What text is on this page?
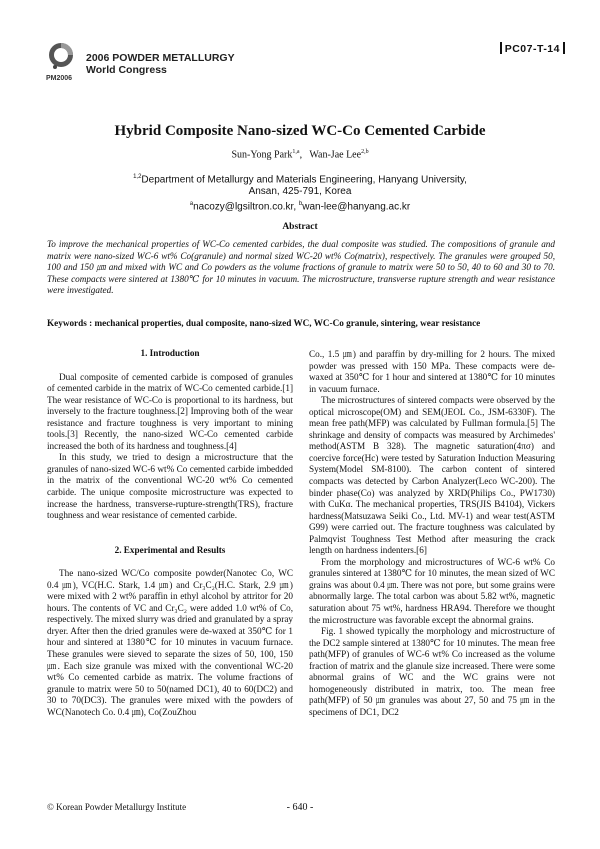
PM2006
2006 POWDER METALLURGY
World Congress
PC07-T-14
Hybrid Composite Nano-sized WC-Co Cemented Carbide
Sun-Yong Park$^{1,a}$,   Wan-Jae Lee$^{2,b}$
$^{1,2}$Department of Metallurgy and Materials Engineering, Hanyang University,
Ansan, 425-791, Korea
$^a$nacozy@lgsiltron.co.kr, $^b$wan-lee@hanyang.ac.kr
Abstract

To improve the mechanical properties of WC-Co cemented carbides, the dual composite was studied. The compositions of granule and matrix were nano-sized WC-6 wt% Co(granule) and normal sized WC-20 wt% Co(matrix), respectively. The granules were grouped 50, 100 and 150 ㎛ and mixed with WC and Co powders as the volume fractions of granule to matrix were 50 to 50, 40 to 60 and 30 to 70. These compacts were sintered at 1380℃ for 10 minutes in vacuum. The microstructure, transverse rupture strength and wear resistance were investigated.

Keywords : mechanical properties, dual composite, nano-sized WC, WC-Co granule, sintering, wear resistance

1. Introduction

Dual composite of cemented carbide is composed of granules of cemented carbide in the matrix of WC-Co cemented carbide.[1] The wear resistance of WC-Co is proportional to its hardness, but inversely to the fracture toughness.[2] Improving both of the wear resistance and fracture toughness is very important to mining tools.[3] Recently, the nano-sized WC-Co cemented carbide increased the both of its hardness and toughness.[4]

In this study, we tried to design a microstructure that the granules of nano-sized WC-6 wt% Co cemented carbide imbedded in the matrix of the conventional WC-20 wt% Co cemented carbide. The unique composite microstructure was expected to increase the hardness, transverse-rupture-strength(TRS), fracture toughness and wear resistance of cemented carbide.

2. Experimental and Results

The nano-sized WC/Co composite powder(Nanotec Co, WC 0.4 ㎛), VC(H.C. Stark, 1.4 ㎛) and Cr₃C₂(H.C. Stark, 2.9 ㎛) were mixed with 2 wt% paraffin in ethyl alcohol by attritor for 20 hours. The contents of VC and Cr₃C₂ were added 1.0 wt% of Co, respectively. The mixed slurry was dried and granulated by a spray dryer. After then the dried granules were de-waxed at 350℃ for 1 hour and sintered at 1380℃ for 10 minutes in vacuum furnace. These granules were sieved to separate the sizes of 50, 100, 150 ㎛. Each size granule was mixed with the conventional WC-20 wt% Co cemented carbide as matrix. The volume fractions of granule to matrix were 50 to 50(named DC1), 40 to 60(DC2) and 30 to 70(DC3). The granules were mixed with the powders of WC(Nanotech Co. 0.4 ㎛), Co(ZouZhou

Co., 1.5 ㎛) and paraffin by dry-milling for 2 hours. The mixed powder was pressed with 150 MPa. These compacts were de-waxed at 350℃ for 1 hour and sintered at 1380℃ for 10 minutes in vacuum furnace.

The microstructures of sintered compacts were observed by the optical microscope(OM) and SEM(JEOL Co., JSM-6330F). The mean free path(MFP) was calculated by Fullman formula.[5] The shrinkage and density of compacts was measured by Archimedes' method(ASTM B 328). The magnetic saturation(4πσ) and coercive force(Hc) were tested by Saturation Induction Measuring System(Model SM-8100). The carbon content of sintered compacts was detected by Carbon Analyzer(Leco WC-200). The binder phase(Co) was analyzed by XRD(Philips Co., PW1730) with CuKα. The mechanical properties, TRS(JIS B4104), Vickers hardness(Matsuzawa Seiki Co., Ltd. MV-1) and wear test(ASTM G99) were carried out. The fracture toughness was calculated by Palmqvist Toughness Test Method after measuring the crack length on hardness indenters.[6]

From the morphology and microstructures of WC-6 wt% Co granules sintered at 1380℃ for 10 minutes, the mean sized of WC grains was about 0.4 ㎛. There was not pore, but some grains were abnormally large. The total carbon was about 5.82 wt%, magnetic saturation about 75 wt%, hardness HRA94. Therefore we thought the microstructure was favorable except the abnormal grains.

Fig. 1 showed typically the morphology and microstructure of the DC2 sample sintered at 1380℃ for 10 minutes. The mean free path(MFP) of granules of WC-6 wt% Co increased as the volume fraction of matrix and the glanule size increased. There were some abnormal grains of WC and the WC grains were not homogeneously distributed in matrix, too. The mean free path(MFP) of 50 ㎛ granules was about 27, 50 and 75 ㎛ in the specimens of DC1, DC2

© Korean Powder Metallurgy Institute	- 640 -
